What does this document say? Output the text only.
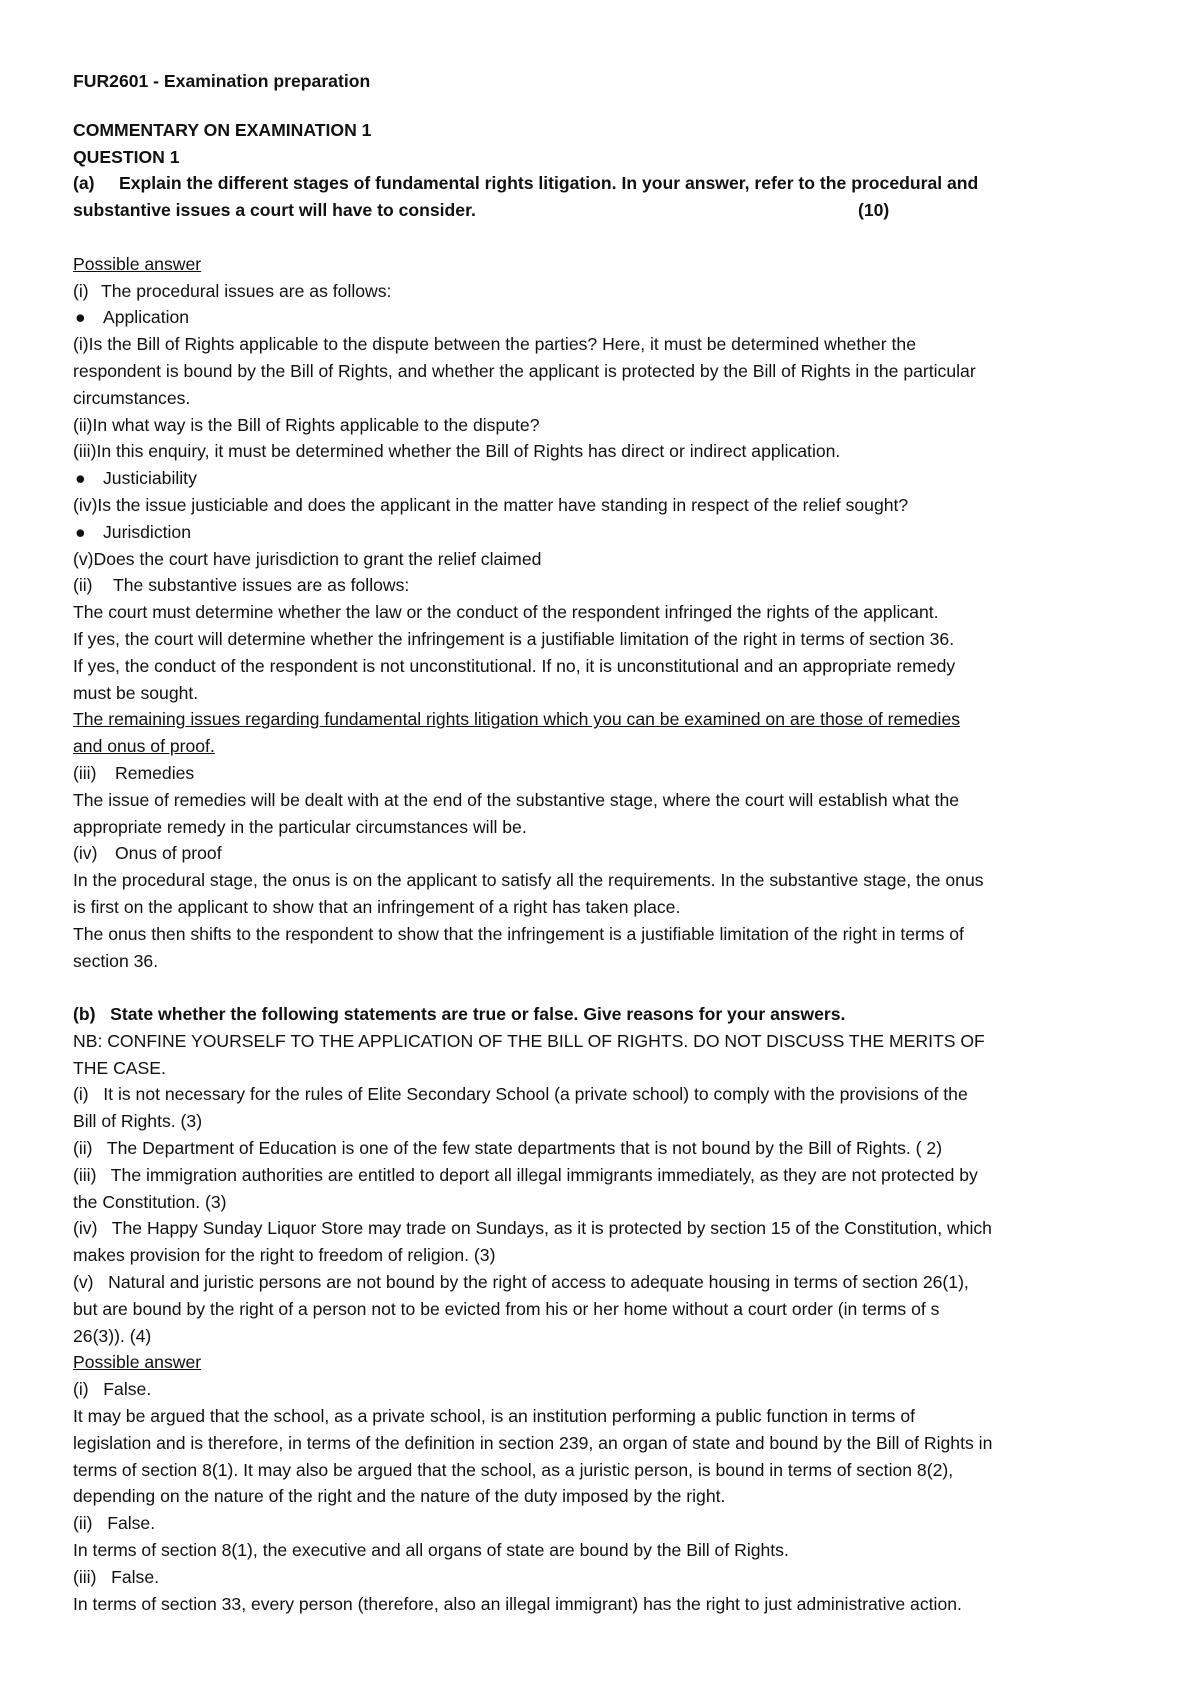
FUR2601 - Examination preparation
COMMENTARY ON EXAMINATION 1
QUESTION 1
(a) Explain the different stages of fundamental rights litigation. In your answer, refer to the procedural and
substantive issues a court will have to consider.	(10)
Possible answer
(i) The procedural issues are as follows:
● Application
(i)Is the Bill of Rights applicable to the dispute between the parties? Here, it must be determined whether the
respondent is bound by the Bill of Rights, and whether the applicant is protected by the Bill of Rights in the particular
circumstances.
(ii)In what way is the Bill of Rights applicable to the dispute?
(iii)In this enquiry, it must be determined whether the Bill of Rights has direct or indirect application.
● Justiciability
(iv)Is the issue justiciable and does the applicant in the matter have standing in respect of the relief sought?
● Jurisdiction
(v)Does the court have jurisdiction to grant the relief claimed
(ii) The substantive issues are as follows:
The court must determine whether the law or the conduct of the respondent infringed the rights of the applicant.
If yes, the court will determine whether the infringement is a justifiable limitation of the right in terms of section 36.
If yes, the conduct of the respondent is not unconstitutional. If no, it is unconstitutional and an appropriate remedy
must be sought.
The remaining issues regarding fundamental rights litigation which you can be examined on are those of remedies
and onus of proof.
(iii) Remedies
The issue of remedies will be dealt with at the end of the substantive stage, where the court will establish what the
appropriate remedy in the particular circumstances will be.
(iv) Onus of proof
In the procedural stage, the onus is on the applicant to satisfy all the requirements. In the substantive stage, the onus
is first on the applicant to show that an infringement of a right has taken place.
The onus then shifts to the respondent to show that the infringement is a justifiable limitation of the right in terms of
section 36.
(b)   State whether the following statements are true or false. Give reasons for your answers.
NB: CONFINE YOURSELF TO THE APPLICATION OF THE BILL OF RIGHTS. DO NOT DISCUSS THE MERITS OF
THE CASE.
(i)   It is not necessary for the rules of Elite Secondary School (a private school) to comply with the provisions of the
Bill of Rights. (3)
(ii)   The Department of Education is one of the few state departments that is not bound by the Bill of Rights. ( 2)
(iii)   The immigration authorities are entitled to deport all illegal immigrants immediately, as they are not protected by
the Constitution. (3)
(iv)   The Happy Sunday Liquor Store may trade on Sundays, as it is protected by section 15 of the Constitution, which
makes provision for the right to freedom of religion. (3)
(v)   Natural and juristic persons are not bound by the right of access to adequate housing in terms of section 26(1),
but are bound by the right of a person not to be evicted from his or her home without a court order (in terms of s
26(3)). (4)
Possible answer
(i)   False.
It may be argued that the school, as a private school, is an institution performing a public function in terms of
legislation and is therefore, in terms of the definition in section 239, an organ of state and bound by the Bill of Rights in
terms of section 8(1). It may also be argued that the school, as a juristic person, is bound in terms of section 8(2),
depending on the nature of the right and the nature of the duty imposed by the right.
(ii)   False.
In terms of section 8(1), the executive and all organs of state are bound by the Bill of Rights.
(iii)   False.
In terms of section 33, every person (therefore, also an illegal immigrant) has the right to just administrative action.
